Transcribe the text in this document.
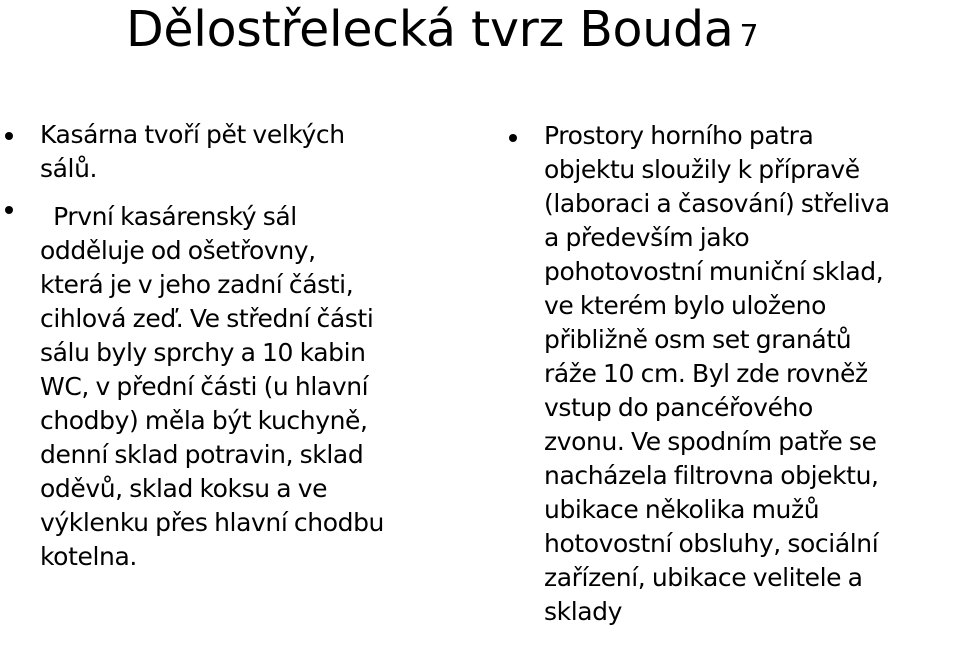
Dělostřelecká tvrz Bouda 7
Kasárna tvoří pět velkých
sálů.
První kasárenský sál
odděluje od ošetřovny,
která je v jeho zadní části,
cihlová zeď. Ve střední části
sálu byly sprchy a 10 kabin
WC, v přední části (u hlavní
chodby) měla být kuchyně,
denní sklad potravin, sklad
oděvů, sklad koksu a ve
výklenku přes hlavní chodbu
kotelna.
Prostory horního patra
objektu sloužily k přípravě
(laboraci a časování) střeliva
a především jako
pohotovostní muniční sklad,
ve kterém bylo uloženo
přibližně osm set granátů
ráže 10 cm. Byl zde rovněž
vstup do pancéřového
zvonu. Ve spodním patře se
nacházela filtrovna objektu,
ubikace několika mužů
hotovostní obsluhy, sociální
zařízení, ubikace velitele a
sklady
